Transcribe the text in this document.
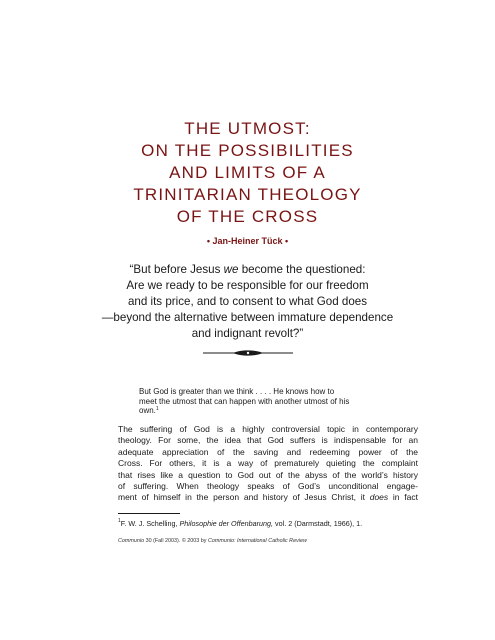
THE UTMOST:
ON THE POSSIBILITIES
AND LIMITS OF A
TRINITARIAN THEOLOGY
OF THE CROSS
• Jan-Heiner Tück •
“But before Jesus we become the questioned:
Are we ready to be responsible for our freedom
and its price, and to consent to what God does
—beyond the alternative between immature dependence
and indignant revolt?”
But God is greater than we think . . . . He knows how to
meet the utmost that can happen with another utmost of his
own.$^1$
The suffering of God is a highly controversial topic in contemporary
theology. For some, the idea that God suffers is indispensable for an
adequate appreciation of the saving and redeeming power of the
Cross. For others, it is a way of prematurely quieting the complaint
that rises like a question to God out of the abyss of the world’s history
of suffering. When theology speaks of God’s unconditional engage-
ment of himself in the person and history of Jesus Christ, it does in fact
$^1$F. W. J. Schelling, Philosophie der Offenbarung, vol. 2 (Darmstadt, 1966), 1.
Communio 30 (Fall 2003). © 2003 by Communio: International Catholic Review
